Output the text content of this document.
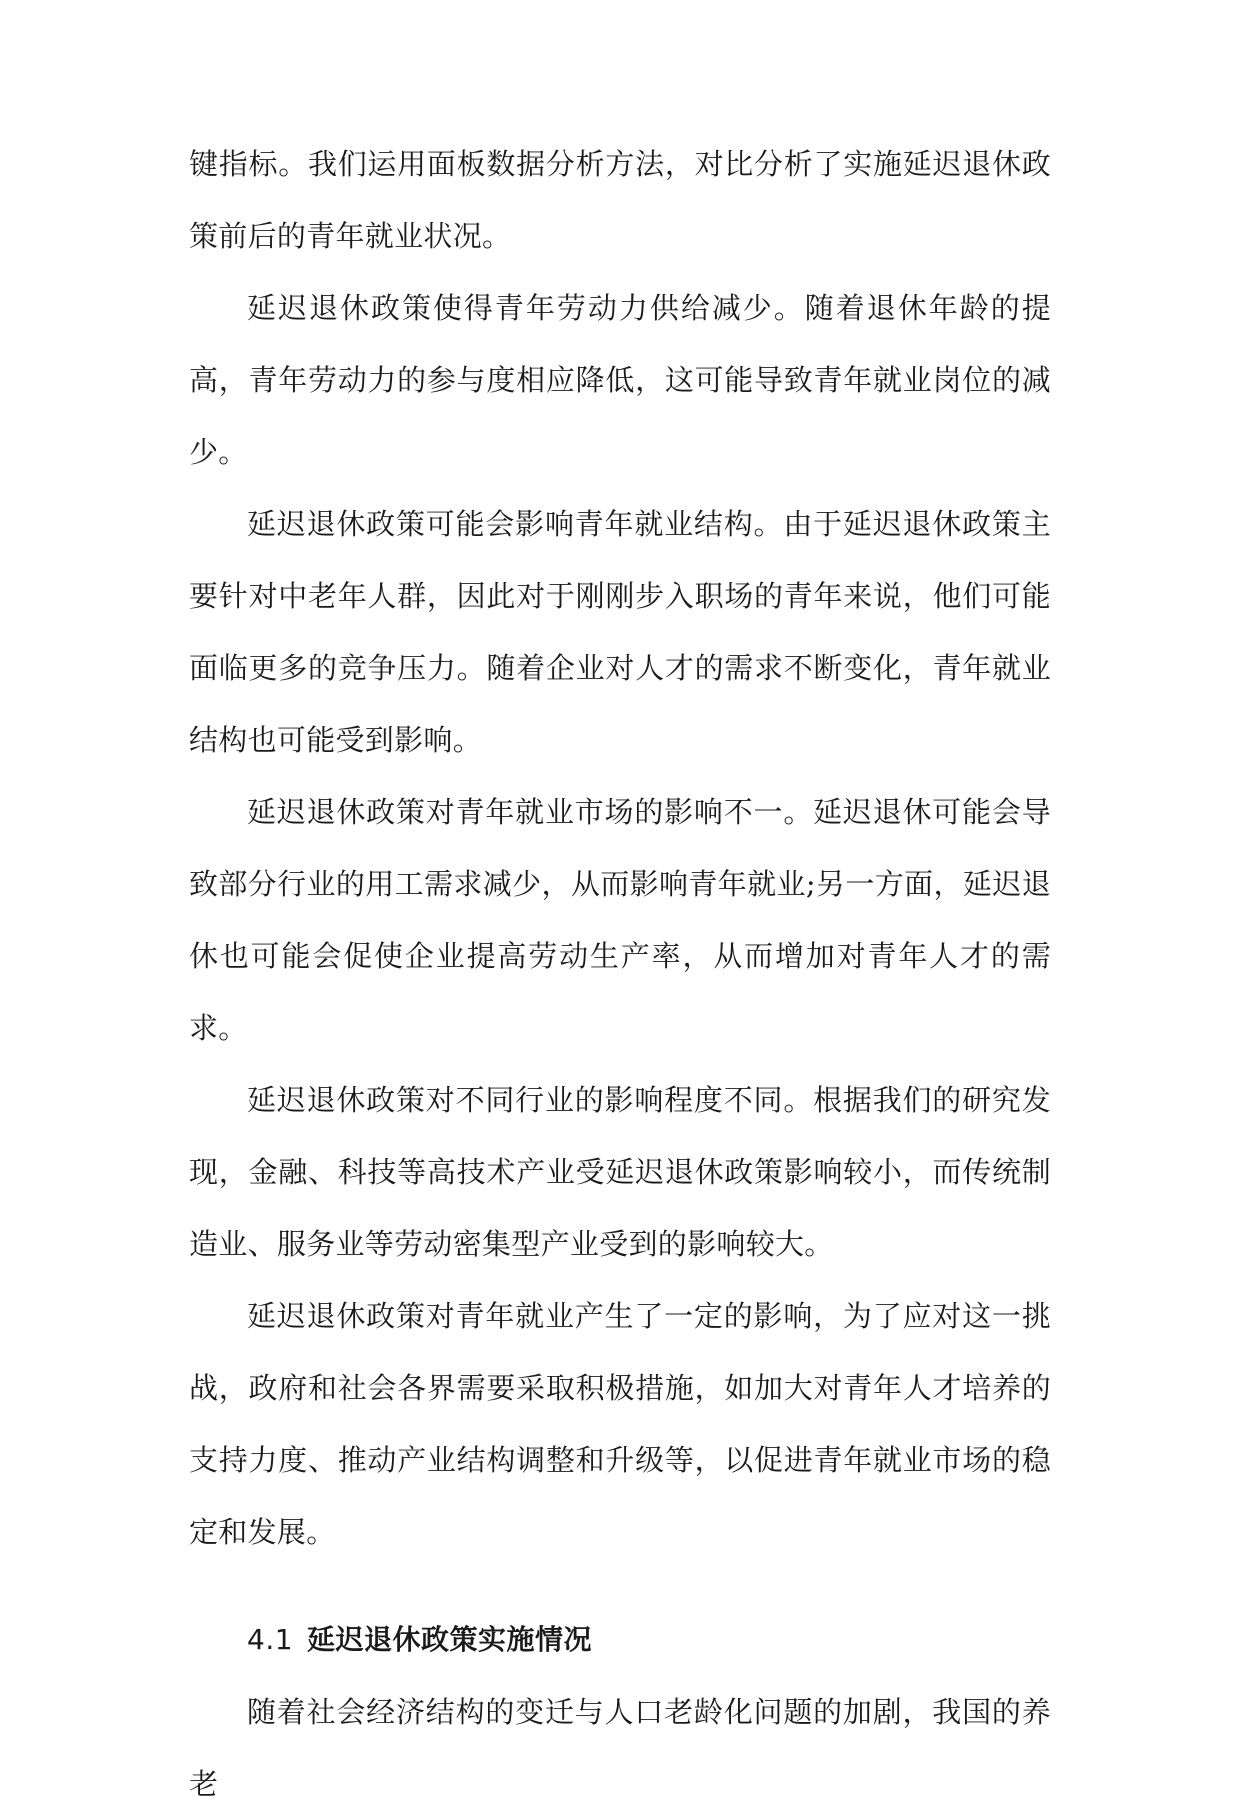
键指标。我们运用面板数据分析方法，对比分析了实施延迟退休政策前后的青年就业状况。

延迟退休政策使得青年劳动力供给减少。随着退休年龄的提高，青年劳动力的参与度相应降低，这可能导致青年就业岗位的减少。

延迟退休政策可能会影响青年就业结构。由于延迟退休政策主要针对中老年人群，因此对于刚刚步入职场的青年来说，他们可能面临更多的竞争压力。随着企业对人才的需求不断变化，青年就业结构也可能受到影响。

延迟退休政策对青年就业市场的影响不一。延迟退休可能会导致部分行业的用工需求减少，从而影响青年就业;另一方面，延迟退休也可能会促使企业提高劳动生产率，从而增加对青年人才的需求。

延迟退休政策对不同行业的影响程度不同。根据我们的研究发现，金融、科技等高技术产业受延迟退休政策影响较小，而传统制造业、服务业等劳动密集型产业受到的影响较大。

延迟退休政策对青年就业产生了一定的影响，为了应对这一挑战，政府和社会各界需要采取积极措施，如加大对青年人才培养的支持力度、推动产业结构调整和升级等，以促进青年就业市场的稳定和发展。

4.1 延迟退休政策实施情况

随着社会经济结构的变迁与人口老龄化问题的加剧，我国的养老
